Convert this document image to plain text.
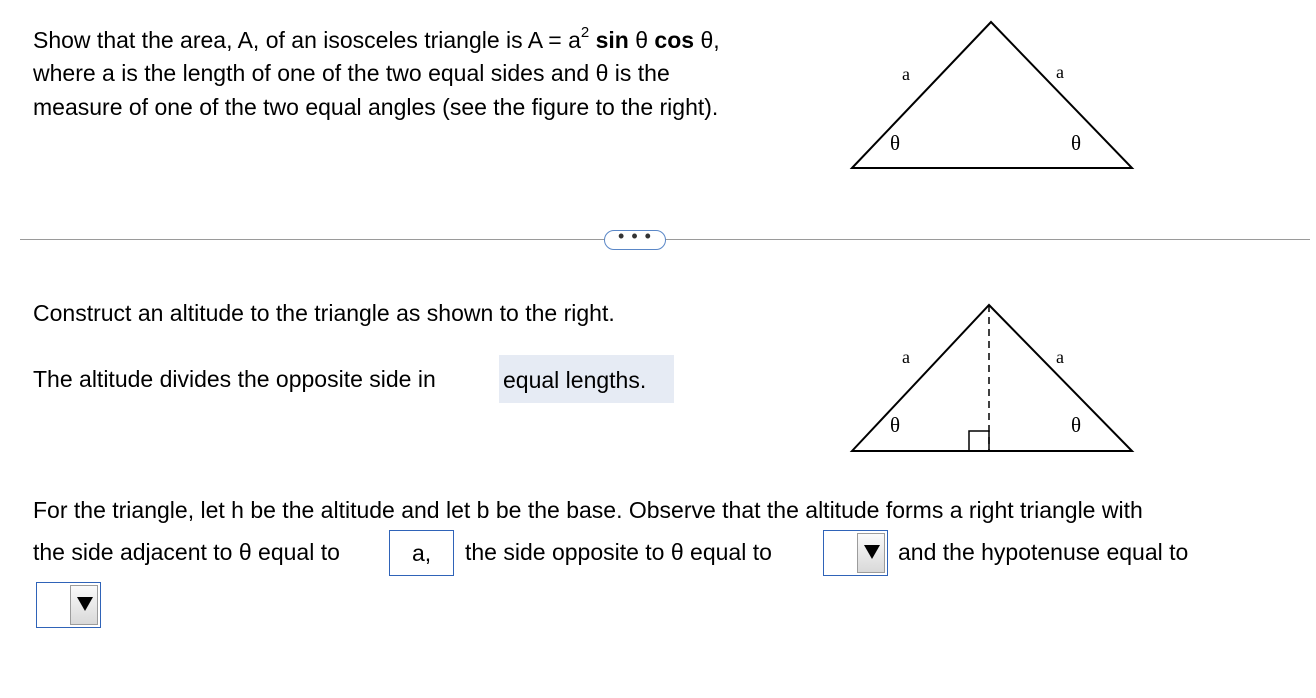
Show that the area, A, of an isosceles triangle is $A = a^2$ sin θ cos θ,
where a is the length of one of the two equal sides and θ is the
measure of one of the two equal angles (see the figure to the right).
a	a
θ	θ
• • •
Construct an altitude to the triangle as shown to the right.
The altitude divides the opposite side in	equal lengths.
a	a
θ	θ
For the triangle, let h be the altitude and let b be the base. Observe that the altitude forms a right triangle with
the side adjacent to θ equal to	a,	the side opposite to θ equal to	and the hypotenuse equal to
